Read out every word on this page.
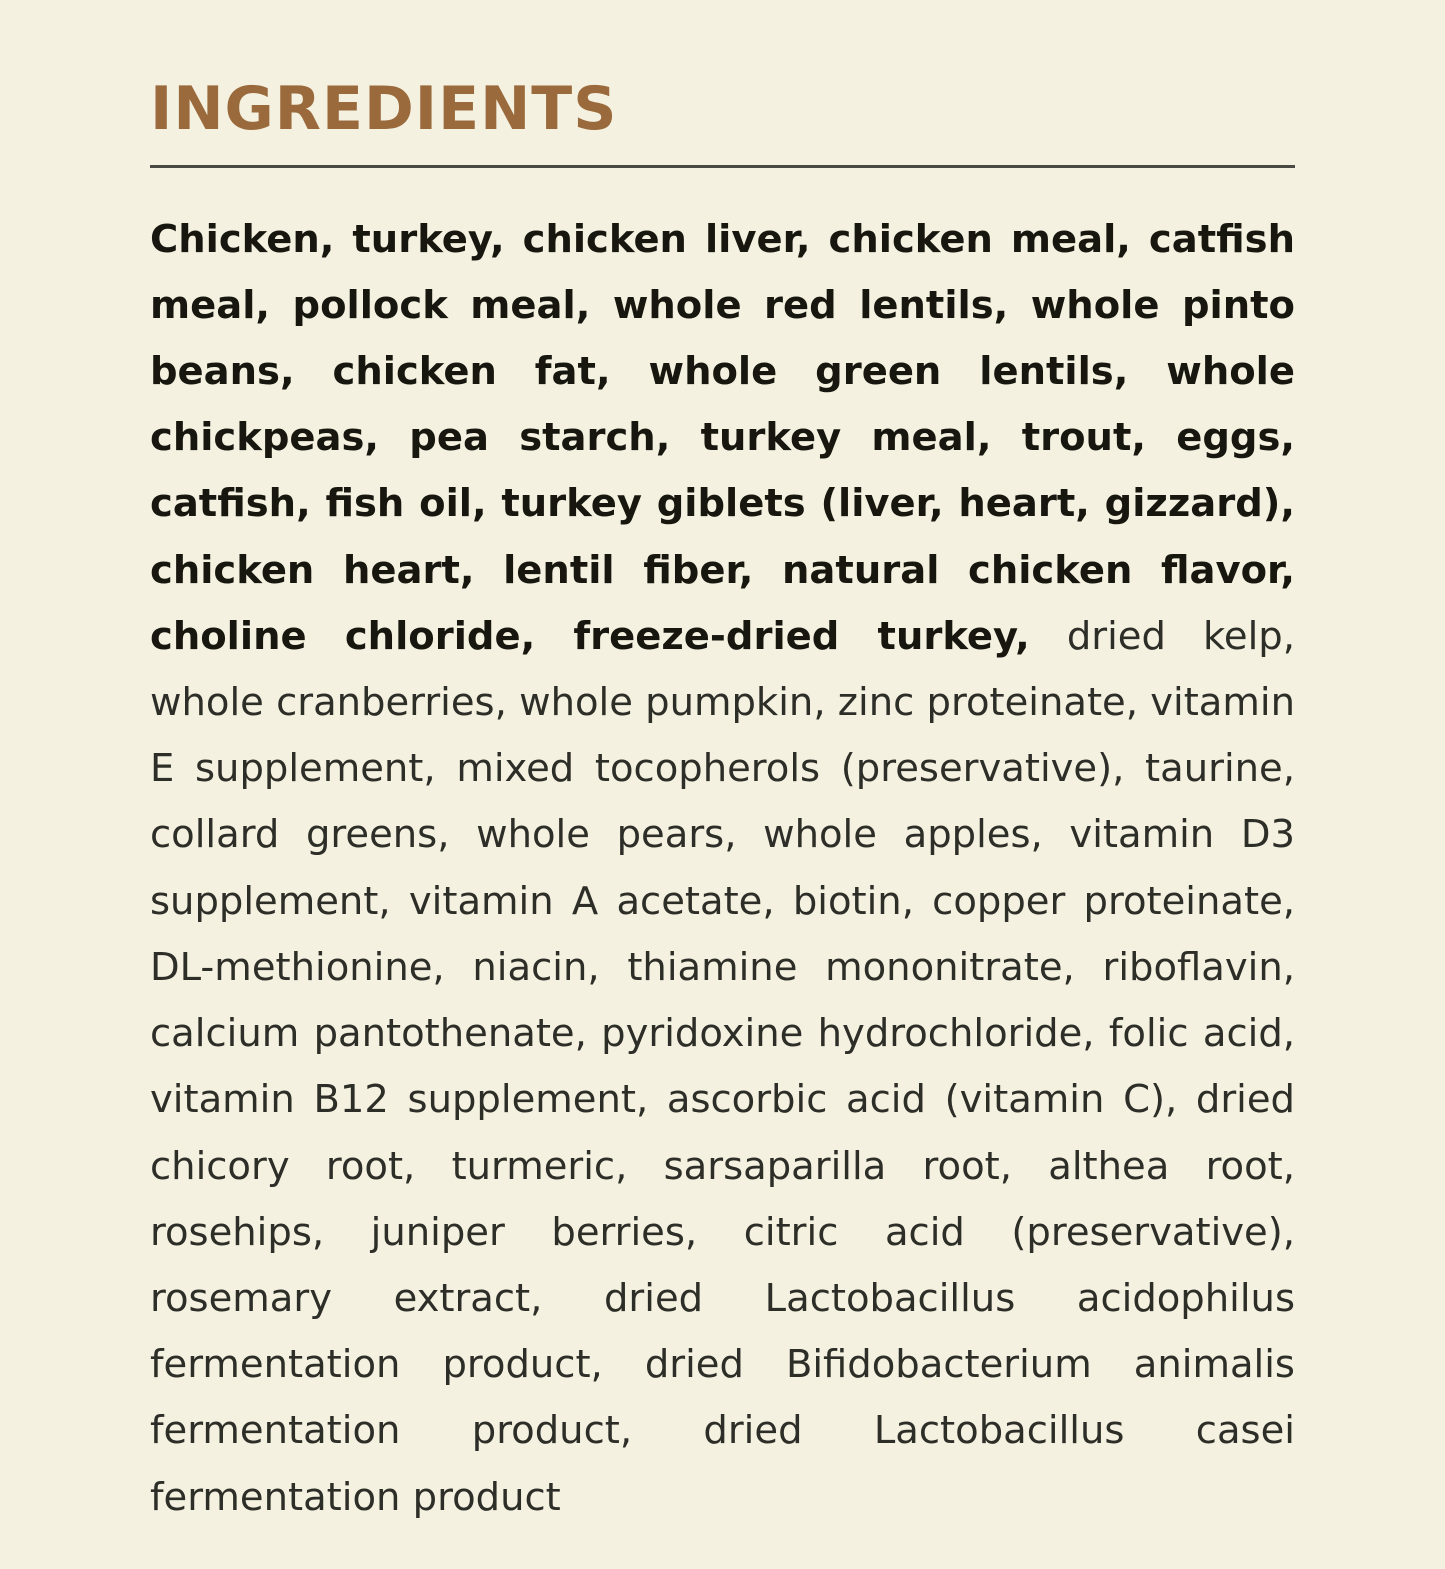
INGREDIENTS

Chicken, turkey, chicken liver, chicken meal, catfish meal, pollock meal, whole red lentils, whole pinto beans, chicken fat, whole green lentils, whole chickpeas, pea starch, turkey meal, trout, eggs, catfish, fish oil, turkey giblets (liver, heart, gizzard), chicken heart, lentil fiber, natural chicken flavor, choline chloride, freeze-dried turkey, dried kelp, whole cranberries, whole pumpkin, zinc proteinate, vitamin E supplement, mixed tocopherols (preservative), taurine, collard greens, whole pears, whole apples, vitamin D3 supplement, vitamin A acetate, biotin, copper proteinate, DL-methionine, niacin, thiamine mononitrate, riboflavin, calcium pantothenate, pyridoxine hydrochloride, folic acid, vitamin B12 supplement, ascorbic acid (vitamin C), dried chicory root, turmeric, sarsaparilla root, althea root, rosehips, juniper berries, citric acid (preservative), rosemary extract, dried Lactobacillus acidophilus fermentation product, dried Bifidobacterium animalis fermentation product, dried Lactobacillus casei fermentation product
